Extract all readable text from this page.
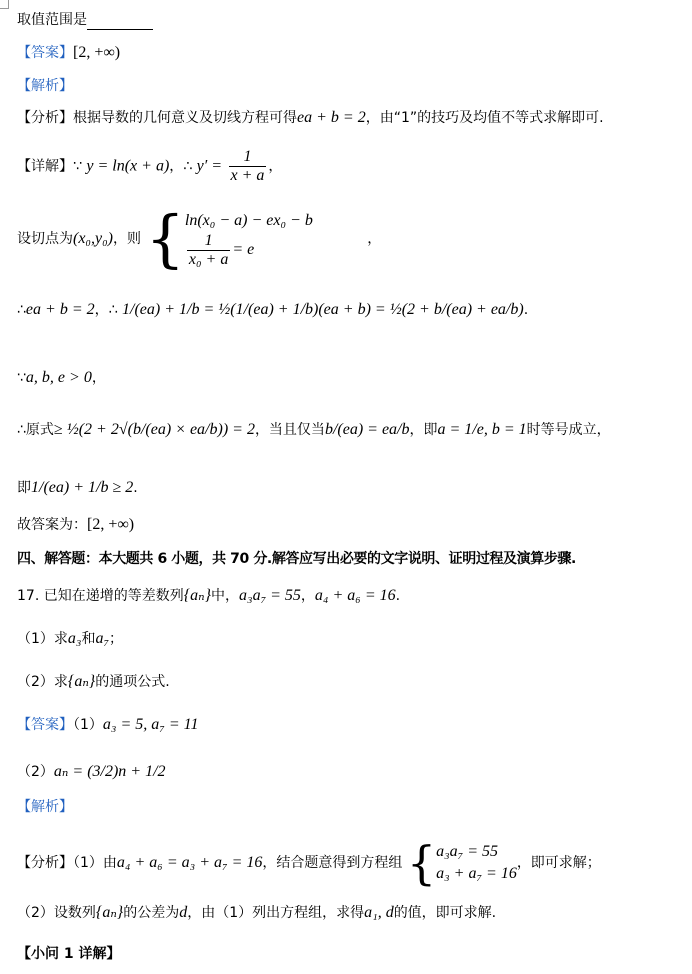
取值范围是
【答案】[2, +∞)
【解析】
【分析】根据导数的几何意义及切线方程可得ea + b = 2，由“1”的技巧及均值不等式求解即可.
【详解】∵ y = ln(x + a)，∴ $y' = \frac{1}{x + a}$ ，
设切点为(x₀,y₀)，则 { ln(x₀ − a) − ex₀ − b
$\frac{1}{\text{x₀ + a}} = e$
，
∴ea + b = 2，∴ 1/(ea) + 1/b = ½(1/(ea) + 1/b)(ea + b) = ½(2 + b/(ea) + ea/b).
∵a, b, e > 0，
∴原式≥ ½(2 + 2√(b/(ea) × ea/b)) = 2，当且仅当b/(ea) = ea/b，即a = 1/e, b = 1时等号成立，
即1/(ea) + 1/b ≥ 2.
故答案为：[2, +∞)
四、解答题：本大题共 6 小题，共 70 分.解答应写出必要的文字说明、证明过程及演算步骤.
17. 已知在递增的等差数列{aₙ}中，a₃a₇ = 55，a₄ + a₆ = 16.
（1）求a₃和a₇；
（2）求{aₙ}的通项公式.
【答案】（1）a₃ = 5, a₇ = 11
（2）aₙ = (3/2)n + 1/2
【解析】
【分析】（1）由a₄ + a₆ = a₃ + a₇ = 16，结合题意得到方程组 { a₃a₇ = 55
a₃ + a₇ = 16
，即可求解；
（2）设数列{aₙ}的公差为d，由（1）列出方程组，求得a₁, d的值，即可求解.
【小问 1 详解】
